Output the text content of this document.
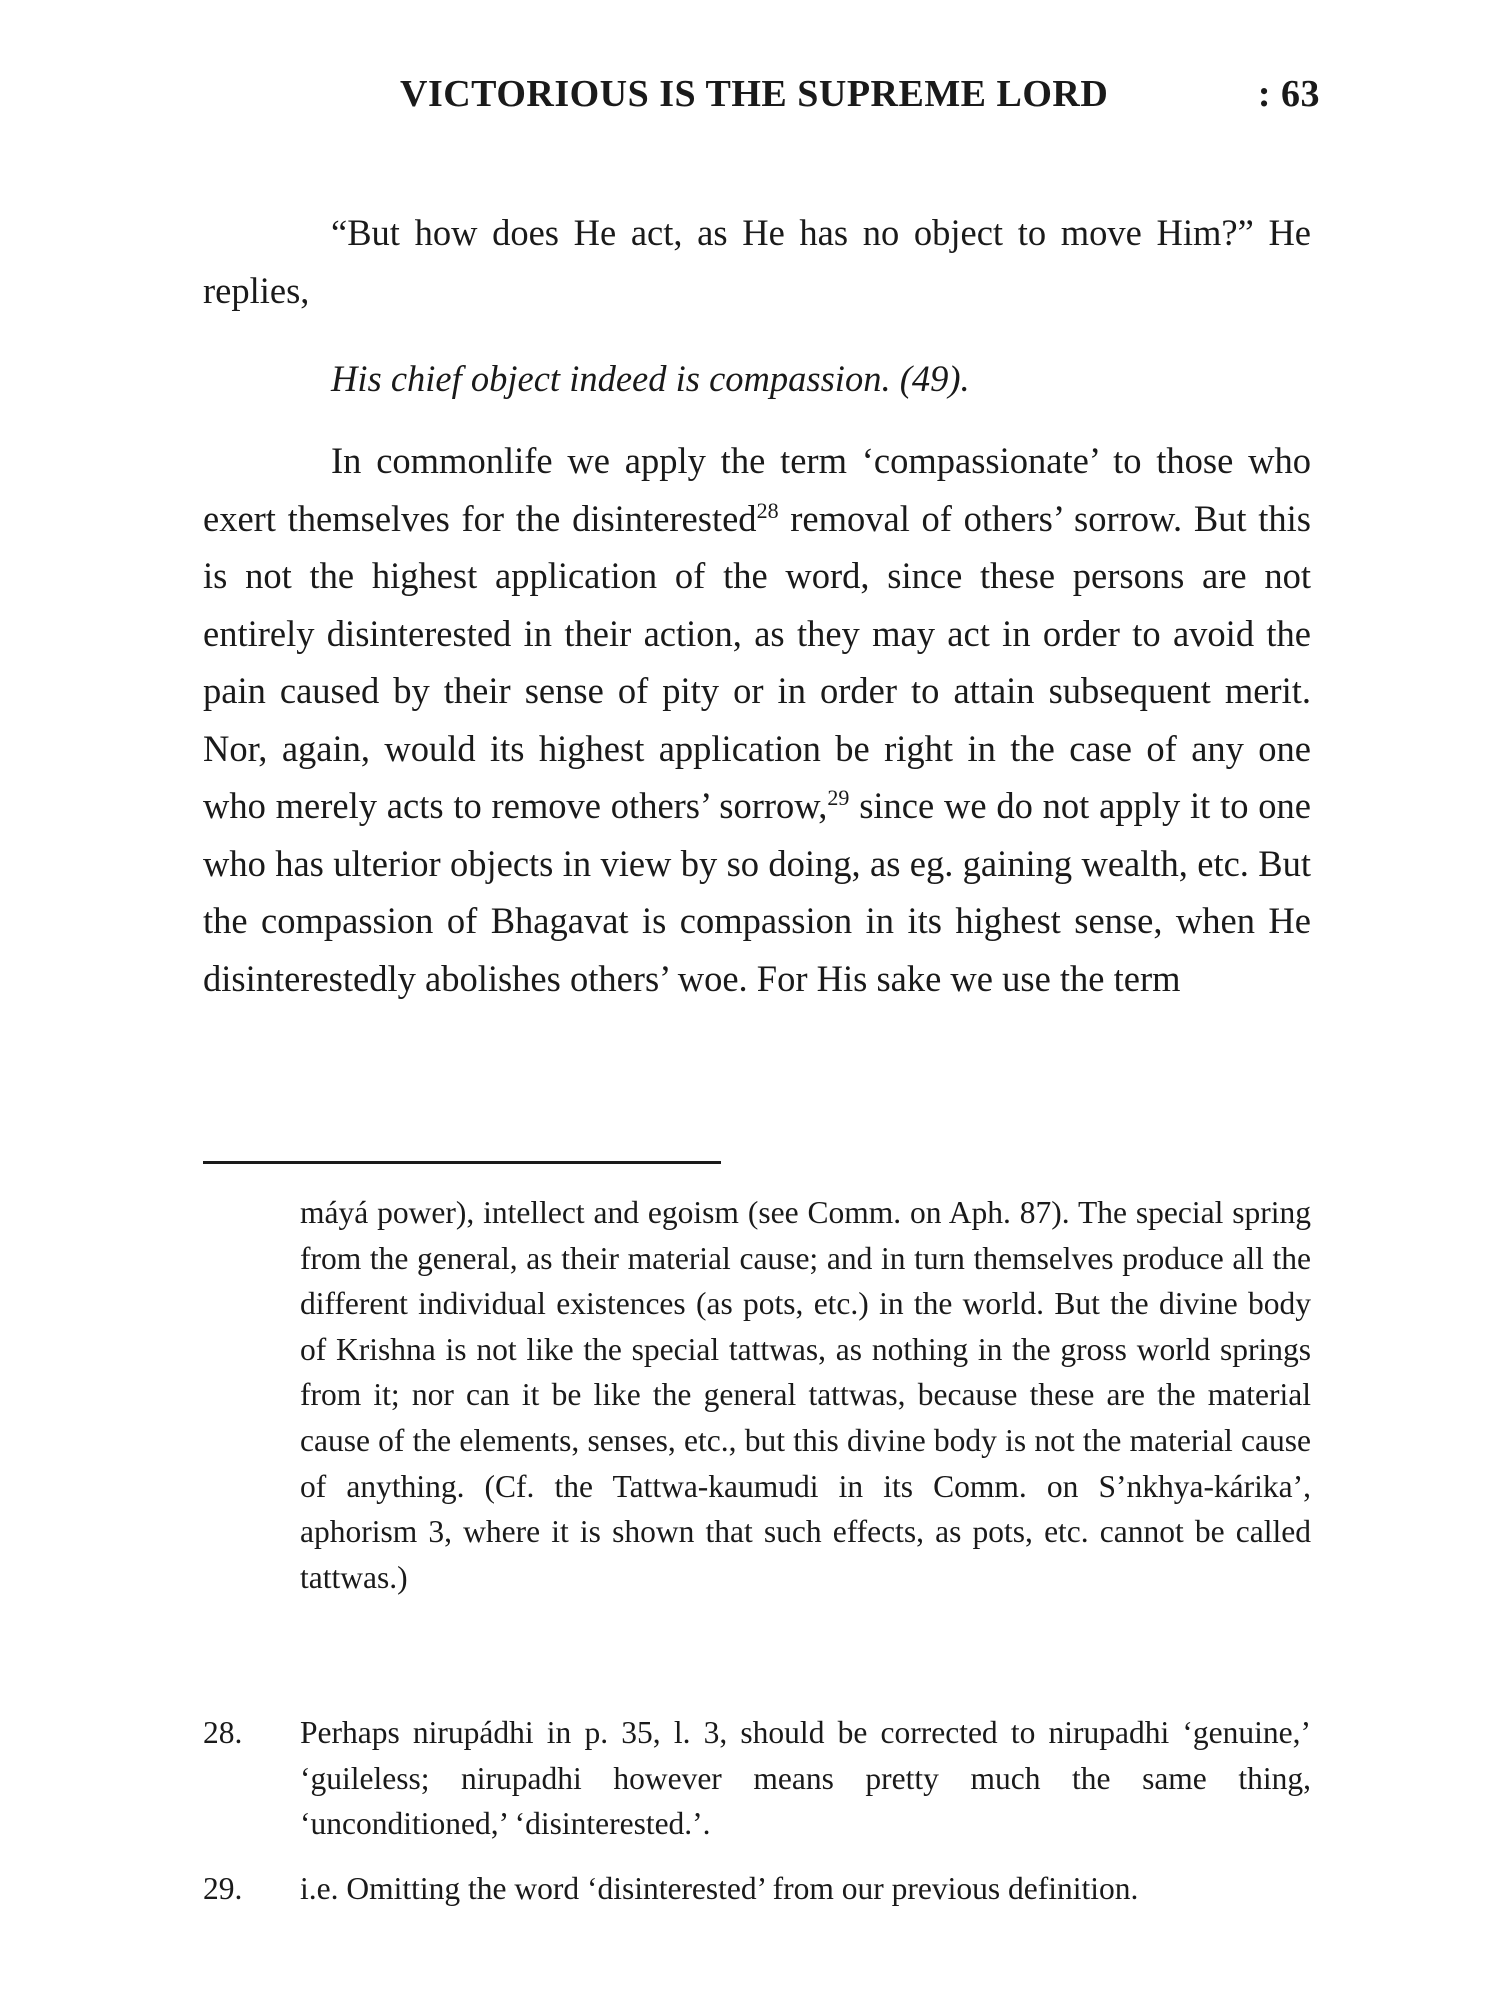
VICTORIOUS IS THE SUPREME LORD	: 63

“But how does He act, as He has no object to move Him?” He replies,

His chief object indeed is compassion. (49).

In commonlife we apply the term ‘compassionate’ to those who exert themselves for the disinterested$^{28}$ removal of others’ sorrow. But this is not the highest application of the word, since these persons are not entirely disinterested in their action, as they may act in order to avoid the pain caused by their sense of pity or in order to attain subsequent merit. Nor, again, would its highest application be right in the case of any one who merely acts to remove others’ sorrow,$^{29}$ since we do not apply it to one who has ulterior objects in view by so doing, as eg. gaining wealth, etc. But the compassion of Bhagavat is compassion in its highest sense, when He disinterestedly abolishes others’ woe. For His sake we use the term

máyá power), intellect and egoism (see Comm. on Aph. 87). The special spring from the general, as their material cause; and in turn themselves produce all the different individual existences (as pots, etc.) in the world. But the divine body of Krishna is not like the special tattwas, as nothing in the gross world springs from it; nor can it be like the general tattwas, because these are the material cause of the elements, senses, etc., but this divine body is not the material cause of anything. (Cf. the Tattwa-kaumudi in its Comm. on S’nkhya-kárika’, aphorism 3, where it is shown that such effects, as pots, etc. cannot be called tattwas.)

28. Perhaps nirupádhi in p. 35, l. 3, should be corrected to nirupadhi ‘genuine,’ ‘guileless; nirupadhi however means pretty much the same thing, ‘unconditioned,’ ‘disinterested.’.
29. i.e. Omitting the word ‘disinterested’ from our previous definition.
